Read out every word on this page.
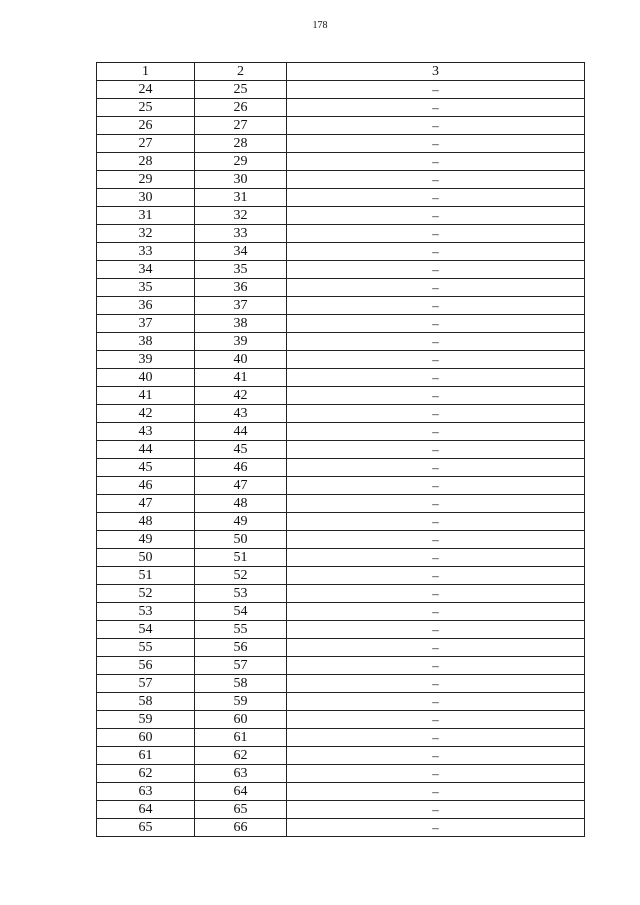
178
1	2	3
24	25	–
25	26	–
26	27	–
27	28	–
28	29	–
29	30	–
30	31	–
31	32	–
32	33	–
33	34	–
34	35	–
35	36	–
36	37	–
37	38	–
38	39	–
39	40	–
40	41	–
41	42	–
42	43	–
43	44	–
44	45	–
45	46	–
46	47	–
47	48	–
48	49	–
49	50	–
50	51	–
51	52	–
52	53	–
53	54	–
54	55	–
55	56	–
56	57	–
57	58	–
58	59	–
59	60	–
60	61	–
61	62	–
62	63	–
63	64	–
64	65	–
65	66	–
